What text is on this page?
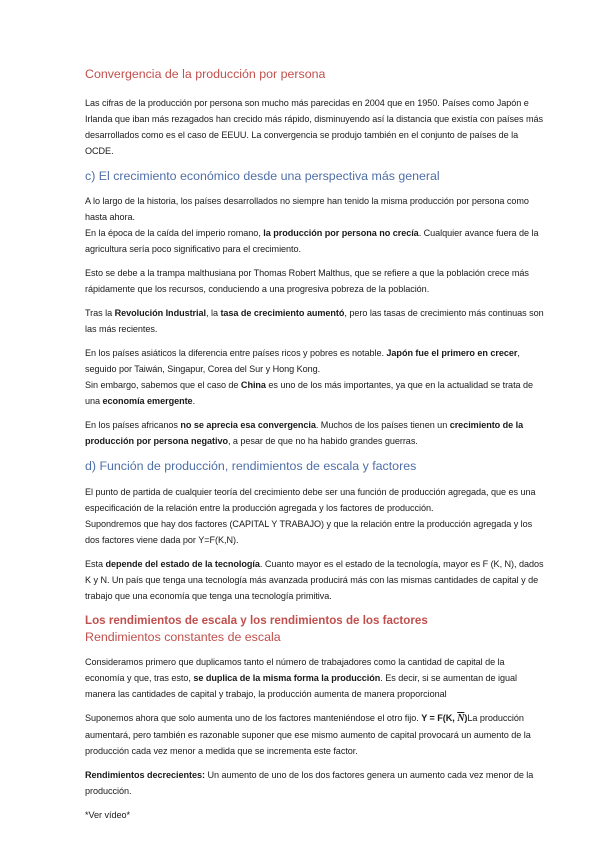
Convergencia de la producción por persona

Las cifras de la producción por persona son mucho más parecidas en 2004 que en 1950. Países como Japón e Irlanda que iban más rezagados han crecido más rápido, disminuyendo así la distancia que existía con países más desarrollados como es el caso de EEUU. La convergencia se produjo también en el conjunto de países de la OCDE.

c) El crecimiento económico desde una perspectiva más general

A lo largo de la historia, los países desarrollados no siempre han tenido la misma producción por persona como hasta ahora.

En la época de la caída del imperio romano, la producción por persona no crecía. Cualquier avance fuera de la agricultura sería poco significativo para el crecimiento.

Esto se debe a la trampa malthusiana por Thomas Robert Malthus, que se refiere a que la población crece más rápidamente que los recursos, conduciendo a una progresiva pobreza de la población.

Tras la Revolución Industrial, la tasa de crecimiento aumentó, pero las tasas de crecimiento más continuas son las más recientes.

En los países asiáticos la diferencia entre países ricos y pobres es notable. Japón fue el primero en crecer, seguido por Taiwán, Singapur, Corea del Sur y Hong Kong.

Sin embargo, sabemos que el caso de China es uno de los más importantes, ya que en la actualidad se trata de una economía emergente.

En los países africanos no se aprecia esa convergencia. Muchos de los países tienen un crecimiento de la producción por persona negativo, a pesar de que no ha habido grandes guerras.

d) Función de producción, rendimientos de escala y factores

El punto de partida de cualquier teoría del crecimiento debe ser una función de producción agregada, que es una especificación de la relación entre la producción agregada y los factores de producción.

Supondremos que hay dos factores (CAPITAL Y TRABAJO) y que la relación entre la producción agregada y los dos factores viene dada por Y=F(K,N).

Esta depende del estado de la tecnología. Cuanto mayor es el estado de la tecnología, mayor es F (K, N), dados K y N. Un país que tenga una tecnología más avanzada producirá más con las mismas cantidades de capital y de trabajo que una economía que tenga una tecnología primitiva.

Los rendimientos de escala y los rendimientos de los factores
Rendimientos constantes de escala

Consideramos primero que duplicamos tanto el número de trabajadores como la cantidad de capital de la economía y que, tras esto, se duplica de la misma forma la producción. Es decir, si se aumentan de igual manera las cantidades de capital y trabajo, la producción aumenta de manera proporcional

Suponemos ahora que solo aumenta uno de los factores manteniéndose el otro fijo. Y = F(K, $\overline{N})La$ producción aumentará, pero también es razonable suponer que ese mismo aumento de capital provocará un aumento de la producción cada vez menor a medida que se incrementa este factor.

Rendimientos decrecientes: Un aumento de uno de los dos factores genera un aumento cada vez menor de la producción.

*Ver vídeo*
